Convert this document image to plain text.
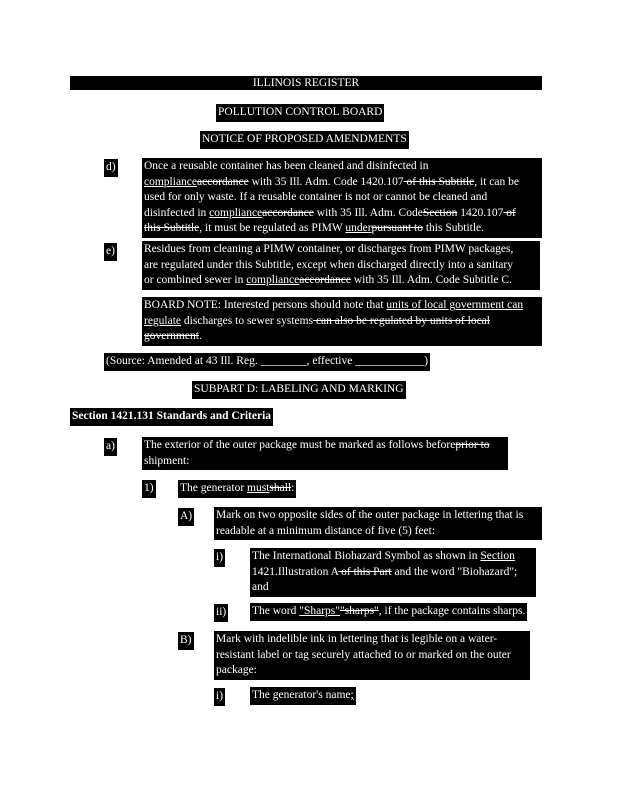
ILLINOIS REGISTER
POLLUTION CONTROL BOARD
NOTICE OF PROPOSED AMENDMENTS
d) Once a reusable container has been cleaned and disinfected in
complianceaccordance with 35 Ill. Adm. Code 1420.107 of this Subtitle, it can be
used for only waste. If a reusable container is not or cannot be cleaned and
disinfected in complianceaccordance with 35 Ill. Adm. CodeSection 1420.107 of
this Subtitle, it must be regulated as PIMW underpursuant to this Subtitle.
e)	Residues from cleaning a PIMW container, or discharges from PIMW packages,
are regulated under this Subtitle, except when discharged directly into a sanitary
or combined sewer in complianceaccordance with 35 Ill. Adm. Code Subtitle C.
BOARD NOTE: Interested persons should note that units of local government can
regulate discharges to sewer systems can also be regulated by units of local
government.
(Source: Amended at 43 Ill. Reg. ________, effective ____________)
SUBPART D: LABELING AND MARKING
Section 1421.131 Standards and Criteria
a)	The exterior of the outer package must be marked as follows beforeprior to
shipment:
1) The generator mustshall:
A) Mark on two opposite sides of the outer package in lettering that is
readable at a minimum distance of five (5) feet:
i)	The International Biohazard Symbol as shown in Section
1421.Illustration A of this Part and the word "Biohazard";
and
ii) The word "Sharps""sharps", if the package contains sharps.
B) Mark with indelible ink in lettering that is legible on a water-
resistant label or tag securely attached to or marked on the outer
package:
i)	The generator's name;
